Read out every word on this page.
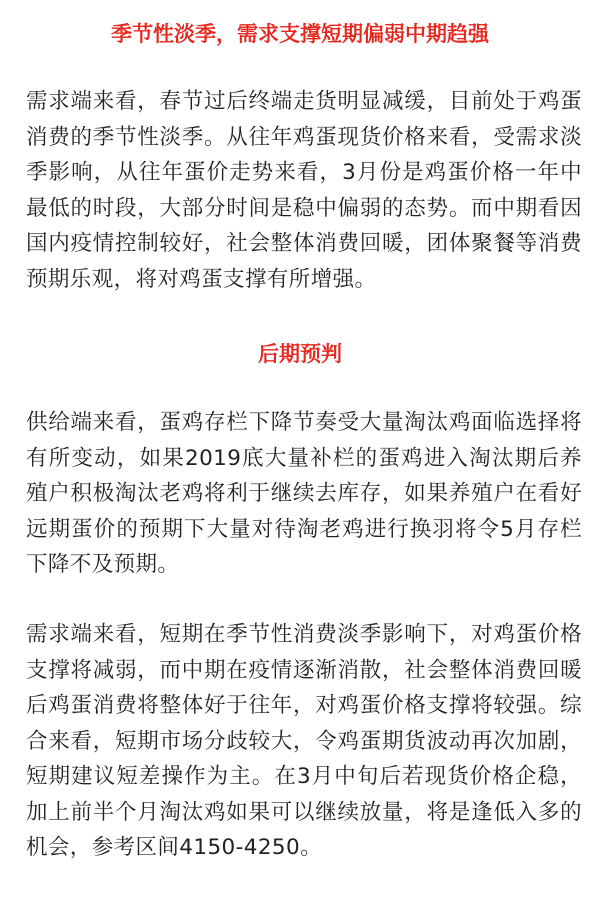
季节性淡季，需求支撑短期偏弱中期趋强

需求端来看，春节过后终端走货明显减缓，目前处于鸡蛋消费的季节性淡季。从往年鸡蛋现货价格来看，受需求淡季影响，从往年蛋价走势来看，3月份是鸡蛋价格一年中最低的时段，大部分时间是稳中偏弱的态势。而中期看因国内疫情控制较好，社会整体消费回暖，团体聚餐等消费预期乐观，将对鸡蛋支撑有所增强。

后期预判

供给端来看，蛋鸡存栏下降节奏受大量淘汰鸡面临选择将有所变动，如果2019底大量补栏的蛋鸡进入淘汰期后养殖户积极淘汰老鸡将利于继续去库存，如果养殖户在看好远期蛋价的预期下大量对待淘老鸡进行换羽将令5月存栏下降不及预期。

需求端来看，短期在季节性消费淡季影响下，对鸡蛋价格支撑将减弱，而中期在疫情逐渐消散，社会整体消费回暖后鸡蛋消费将整体好于往年，对鸡蛋价格支撑将较强。综合来看，短期市场分歧较大，令鸡蛋期货波动再次加剧，短期建议短差操作为主。在3月中旬后若现货价格企稳，加上前半个月淘汰鸡如果可以继续放量，将是逢低入多的机会，参考区间4150-4250。
